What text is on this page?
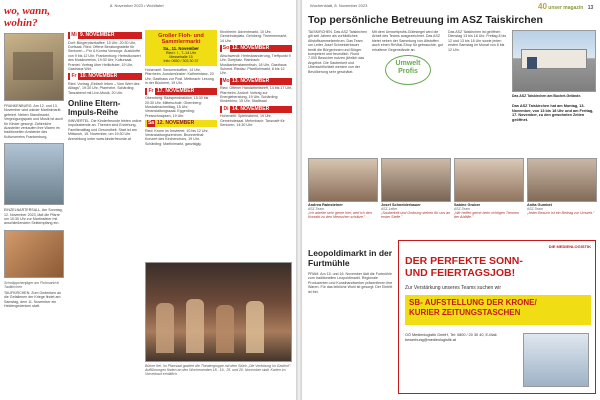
8. November 2023 • Wohlfahrt
wo, wann,
wohin?
FRANKENBURG. Am 12. und 13. November wird wieder Martinimarkt gefeiert. Neben Standlmarkt, Vergnügungspark und Musik ist auch für Kinder gesorgt. Zahlreiche Aussteller verkaufen ihre Waren im traditionellen Ambiente des Kulturvereins Frankenburg.
EINZELNARTERSALL. Am Sonntag, 12. November 2023, lädt die Pfarre um 10:30 Uhr zur Martinsfeier mit anschließendem Sektempfang ein.
Schnäppchenjäger am Flohmarkt in Taufkirchen
TAUFKIRCHEN. Zum Gedenken an die Gefallenen der Kriege findet am Samstag, dem 11. November ein Heldengedenken statt.
Mi 9. NOVEMBER
Dorf: Bürgerpfarrkaffee, 15 Uhr; 20:30 Uhr, Dorfsaal. Ried: Offene Beratungsstelle für Senioren – Pro & Kontra Vorsorge. Auskünfte von 9 bis 12 Uhr. Frankenburg: Herbstkonzert des Musikvereins, 19:30 Uhr, Kultursaal. Pramet: Vortrag über Heilkräuter, 19 Uhr, Gasthaus Wirt.
Fr 10. NOVEMBER
Ried: Vortrag „Einfach leben – Vom Wert des Alltags", 19:30 Uhr, Pfarrheim. Schärding: Tanzabend mit Live-Musik, 20 Uhr.
Online Eltern-Impuls-Reihe
INNVIERTEL. Die Kinderfreunde bieten online Impulsabende an. Themen sind Erziehung, Familienalltag und Gesundheit. Start ist am Mittwoch, 15. November, um 19:30 Uhr. Anmeldung unter www.kinderfreunde.at
Großer Floh- und Sammlermarkt
Sa., 11. November
Ried i. I., 7–14 Uhr
Messehalle 15
Info: 0650 / 303 30 37
Hohenzell: Seniorenkaffee, 14 Uhr, Pfarrheim. Aurolzmünster: Kathreintanz, 20 Uhr, Gasthaus zur Post. Mettmach: Lesung in der Bücherei, 19 Uhr.
Fr 17. NOVEMBER
Obernberg: Blutspendeaktion, 15:30 bis 20:30 Uhr, Mittelschule. Obernberg: Musicalnachmittag, 15 Uhr, Veranstaltungssaal. Eggerding: Preisschnapsen, 19 Uhr.
Sa 12. NOVEMBER
Ried: Krone im Innviertel, 10 bis 12 Uhr, Veranstaltungszentrum. Brunnenthal: Konzert des Kirchenchors, 19 Uhr. Schärding: Martinimarkt, ganztägig.
Kirchheim: Adventmarkt, 10 Uhr, Gemeindeplatz. Geinberg: Thermenmarkt, 14 Uhr.
So 12. NOVEMBER
Altschwendt: Herbstwanderung, Treffpunkt 9 Uhr, Dorfplatz. Rainbach: Musikantenstammtisch, 18 Uhr, Gasthaus Schmid. Riedau: Pfarrflohmarkt, 8 bis 12 Uhr.
Mo 13. NOVEMBER
Ried: Offener Handarbeitstreff, 14 bis 17 Uhr, Pfarrheim. Andorf: Vortrag zur Energieberatung, 19 Uhr. Schärding: Kinderkino, 15 Uhr, Stadtsaal.
Di 14. NOVEMBER
Hohenzell: Spieleabend, 19 Uhr, Gemeindesaal. Mehrnbach: Tanzcafé für Senioren, 14:30 Uhr.
Bühne frei. Im Pfarrsaal gastiert die Theatergruppe mit dem Stück „Die Verlobung im Gasthof". Aufführungen finden an den Wochenenden 18., 19., 25. und 26. November statt. Karten im Vorverkauf erhältlich.
Wochenblatt, 8. November 2023	40 unser magazin 13
Top persönliche Betreuung im ASZ Taiskirchen
TAISKIRCHEN. Das ASZ Taiskirchen gilt seit Jahren als vorbildliches Altstoffsammelzentrum. Das Team um Leiter Josef Schneiderbauer berät die Bürgerinnen und Bürger kompetent und freundlich. Rund 7.000 Besucher nutzen jährlich das Angebot. Die Sauberkeit und Übersichtlichkeit werden von der Bevölkerung sehr geschätzt.
Mit dem Umweltprofis-Gütesiegel wird die Arbeit des Teams ausgezeichnet. Das ASZ bietet neben der Sammlung von Altstoffen auch einen ReVital-Shop für gebrauchte, gut erhaltene Gegenstände an.
Umwelt
Profis
Das ASZ Taiskirchen ist geöffnet: Dienstag 13 bis 18 Uhr, Freitag 8 bis 12 und 13 bis 18 Uhr sowie jeden ersten Samstag im Monat von 8 bis 12 Uhr.
Das ASZ Taiskirchen am Buchet-Gelände.
Das ASZ Taiskirchen hat am Montag, 13. November, von 13 bis 18 Uhr und am Freitag, 17. November, zu den gewohnten Zeiten geöffnet.
Andrea Rainsteiner
ASZ-Team
„Ich arbeite sehr gerne hier, weil ich den Kontakt zu den Menschen schätze."
Josef Schneiderbauer
ASZ-Leiter
„Sauberkeit und Ordnung stehen für uns an erster Stelle."
Sabine Gruber
ASZ-Team
„Wir helfen gerne beim richtigen Trennen der Abfälle."
Anita Gumbet
ASZ-Team
„Jeder Besuch ist ein Beitrag zur Umwelt."
Leopoldimarkt in der Furtmühle
PRAM. Am 15. und 16. November lädt die Furtmühle zum traditionellen Leopoldimarkt. Regionale Produzenten und Kunsthandwerker präsentieren ihre Waren. Für das leibliche Wohl ist gesorgt. Der Eintritt ist frei.
DIE MEDIENLOGISTIK
DER PERFEKTE SONN-
UND FEIERTAGSJOB!
Zur Verstärkung unseres Teams suchen wir
SB- AUFSTELLUNG DER KRONE/
KURIER ZEITUNGSTASCHEN
OÖ Medienlogistik GmbH, Tel: 0800 / 20 30 40, E-Mail: bewerbung@medienlogistik.at
